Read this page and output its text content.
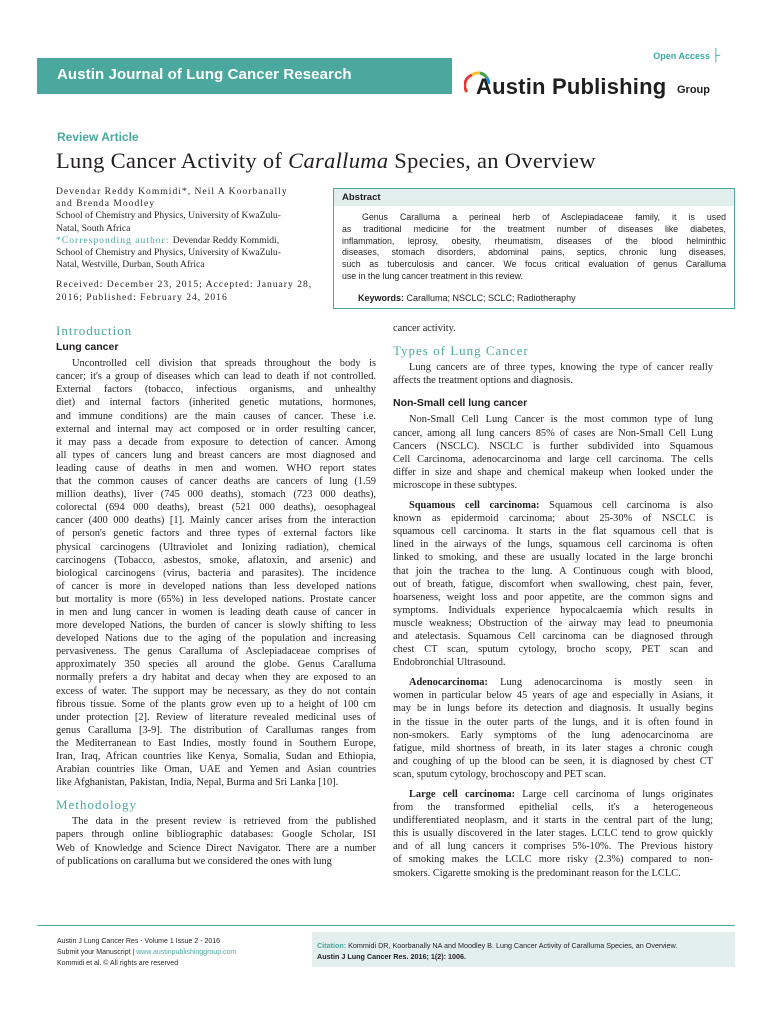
Open Access ├
Austin Journal of Lung Cancer Research	Austin Publishing Group
Review Article
Lung Cancer Activity of Caralluma Species, an Overview
Devendar Reddy Kommidi*, Neil A Koorbanally
and Brenda Moodley
School of Chemistry and Physics, University of KwaZulu-
Natal, South Africa
*Corresponding author: Devendar Reddy Kommidi,
School of Chemistry and Physics, University of KwaZulu-
Natal, Westville, Durban, South Africa
Received: December 23, 2015; Accepted: January 28,
2016; Published: February 24, 2016
Abstract
Genus Caralluma a perineal herb of Asclepiadaceae family, it is used
as traditional medicine for the treatment number of diseases like diabetes,
inflammation, leprosy, obesity, rheumatism, diseases of the blood helminthic
diseases, stomach disorders, abdominal pains, septics, chronic lung diseases,
such as tuberculosis and cancer. We focus critical evaluation of genus Caralluma
use in the lung cancer treatment in this review.
Keywords: Caralluma; NSCLC; SCLC; Radiotheraphy
Introduction
Lung cancer
Uncontrolled cell division that spreads throughout the body is
cancer; it's a group of diseases which can lead to death if not controlled.
External factors (tobacco, infectious organisms, and unhealthy
diet) and internal factors (inherited genetic mutations, hormones,
and immune conditions) are the main causes of cancer. These i.e.
external and internal may act composed or in order resulting cancer,
it may pass a decade from exposure to detection of cancer. Among
all types of cancers lung and breast cancers are most diagnosed and
leading cause of deaths in men and women. WHO report states
that the common causes of cancer deaths are cancers of lung (1.59
million deaths), liver (745 000 deaths), stomach (723 000 deaths),
colorectal (694 000 deaths), breast (521 000 deaths), oesophageal
cancer (400 000 deaths) [1]. Mainly cancer arises from the interaction
of person's genetic factors and three types of external factors like
physical carcinogens (Ultraviolet and Ionizing radiation), chemical
carcinogens (Tobacco, asbestos, smoke, aflatoxin, and arsenic) and
biological carcinogens (virus, bacteria and parasites). The incidence
of cancer is more in developed nations than less developed nations
but mortality is more (65%) in less developed nations. Prostate cancer
in men and lung cancer in women is leading death cause of cancer in
more developed Nations, the burden of cancer is slowly shifting to less
developed Nations due to the aging of the population and increasing
pervasiveness. The genus Caralluma of Asclepiadaceae comprises of
approximately 350 species all around the globe. Genus Caralluma
normally prefers a dry habitat and decay when they are exposed to an
excess of water. The support may be necessary, as they do not contain
fibrous tissue. Some of the plants grow even up to a height of 100 cm
under protection [2]. Review of literature revealed medicinal uses of
genus Caralluma [3-9]. The distribution of Carallumas ranges from
the Mediterranean to East Indies, mostly found in Southern Europe,
Iran, Iraq, African countries like Kenya, Somalia, Sudan and Ethiopia,
Arabian countries like Oman, UAE and Yemen and Asian countries
like Afghanistan, Pakistan, India, Nepal, Burma and Sri Lanka [10].
Methodology
The data in the present review is retrieved from the published
papers through online bibliographic databases: Google Scholar, ISI
Web of Knowledge and Science Direct Navigator. There are a number
of publications on caralluma but we considered the ones with lung
cancer activity.
Types of Lung Cancer
Lung cancers are of three types, knowing the type of cancer really
affects the treatment options and diagnosis.
Non-Small cell lung cancer
Non-Small Cell Lung Cancer is the most common type of lung
cancer, among all lung cancers 85% of cases are Non-Small Cell Lung
Cancers (NSCLC). NSCLC is further subdivided into Squamous
Cell Carcinoma, adenocarcinoma and large cell carcinoma. The cells
differ in size and shape and chemical makeup when looked under the
microscope in these subtypes.
Squamous cell carcinoma: Squamous cell carcinoma is also
known as epidermoid carcinoma; about 25-30% of NSCLC is
squamous cell carcinoma. It starts in the flat squamous cell that is
lined in the airways of the lungs, squamous cell carcinoma is often
linked to smoking, and these are usually located in the large bronchi
that join the trachea to the lung. A Continuous cough with blood,
out of breath, fatigue, discomfort when swallowing, chest pain, fever,
hoarseness, weight loss and poor appetite, are the common signs and
symptoms. Individuals experience hypocalcaemia which results in
muscle weakness; Obstruction of the airway may lead to pneumonia
and atelectasis. Squamous Cell carcinoma can be diagnosed through
chest CT scan, sputum cytology, brocho scopy, PET scan and
Endobronchial Ultrasound.
Adenocarcinoma: Lung adenocarcinoma is mostly seen in
women in particular below 45 years of age and especially in Asians, it
may be in lungs before its detection and diagnosis. It usually begins
in the tissue in the outer parts of the lungs, and it is often found in
non-smokers. Early symptoms of the lung adenocarcinoma are
fatigue, mild shortness of breath, in its later stages a chronic cough
and coughing of up the blood can be seen, it is diagnosed by chest CT
scan, sputum cytology, brochoscopy and PET scan.
Large cell carcinoma: Large cell carcinoma of lungs originates
from the transformed epithelial cells, it's a heterogeneous
undifferentiated neoplasm, and it starts in the central part of the lung;
this is usually discovered in the later stages. LCLC tend to grow quickly
and of all lung cancers it comprises 5%-10%. The Previous history
of smoking makes the LCLC more risky (2.3%) compared to non-
smokers. Cigarette smoking is the predominant reason for the LCLC.
Austin J Lung Cancer Res - Volume 1 Issue 2 - 2016
Submit your Manuscript | www.austinpublishinggroup.com
Kommidi et al. © All rights are reserved
Citation: Kommidi DR, Koorbanally NA and Moodley B. Lung Cancer Activity of Caralluma Species, an Overview.
Austin J Lung Cancer Res. 2016; 1(2): 1006.
